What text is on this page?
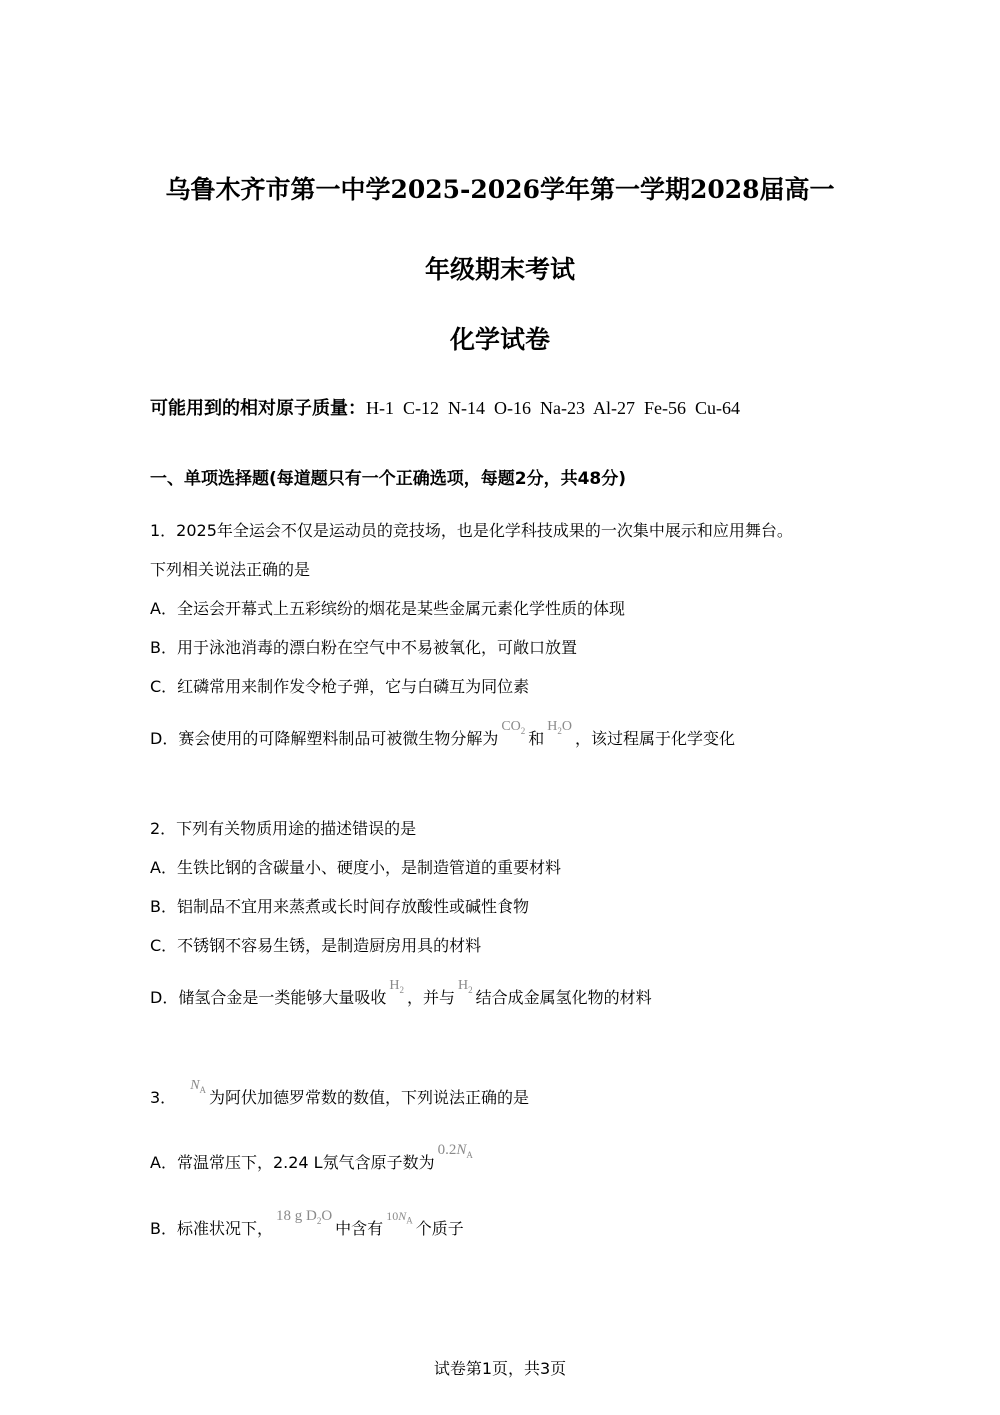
乌鲁木齐市第一中学2025-2026学年第一学期2028届高一
年级期末考试
化学试卷
可能用到的相对原子质量：H-1  C-12  N-14  O-16  Na-23  Al-27  Fe-56  Cu-64
一、单项选择题(每道题只有一个正确选项，每题2分，共48分)
1．2025年全运会不仅是运动员的竞技场，也是化学科技成果的一次集中展示和应用舞台。
下列相关说法正确的是
A．全运会开幕式上五彩缤纷的烟花是某些金属元素化学性质的体现
B．用于泳池消毒的漂白粉在空气中不易被氧化，可敞口放置
C．红磷常用来制作发令枪子弹，它与白磷互为同位素
D．赛会使用的可降解塑料制品可被微生物分解为$CO_2$ 和$H_2O$，该过程属于化学变化
2．下列有关物质用途的描述错误的是
A．生铁比钢的含碳量小、硬度小，是制造管道的重要材料
B．铝制品不宜用来蒸煮或长时间存放酸性或碱性食物
C．不锈钢不容易生锈，是制造厨房用具的材料
D．储氢合金是一类能够大量吸收$H_2$ ，并与$H_2$ 结合成金属氢化物的材料
3．$N_A$ 为阿伏加德罗常数的数值，下列说法正确的是
A．常温常压下，2.24 L氖气含原子数为$0.2N_A$
B．标准状况下，18 g $D_2O$中含有$^{10N_A}$ 个质子
试卷第1页，共3页
